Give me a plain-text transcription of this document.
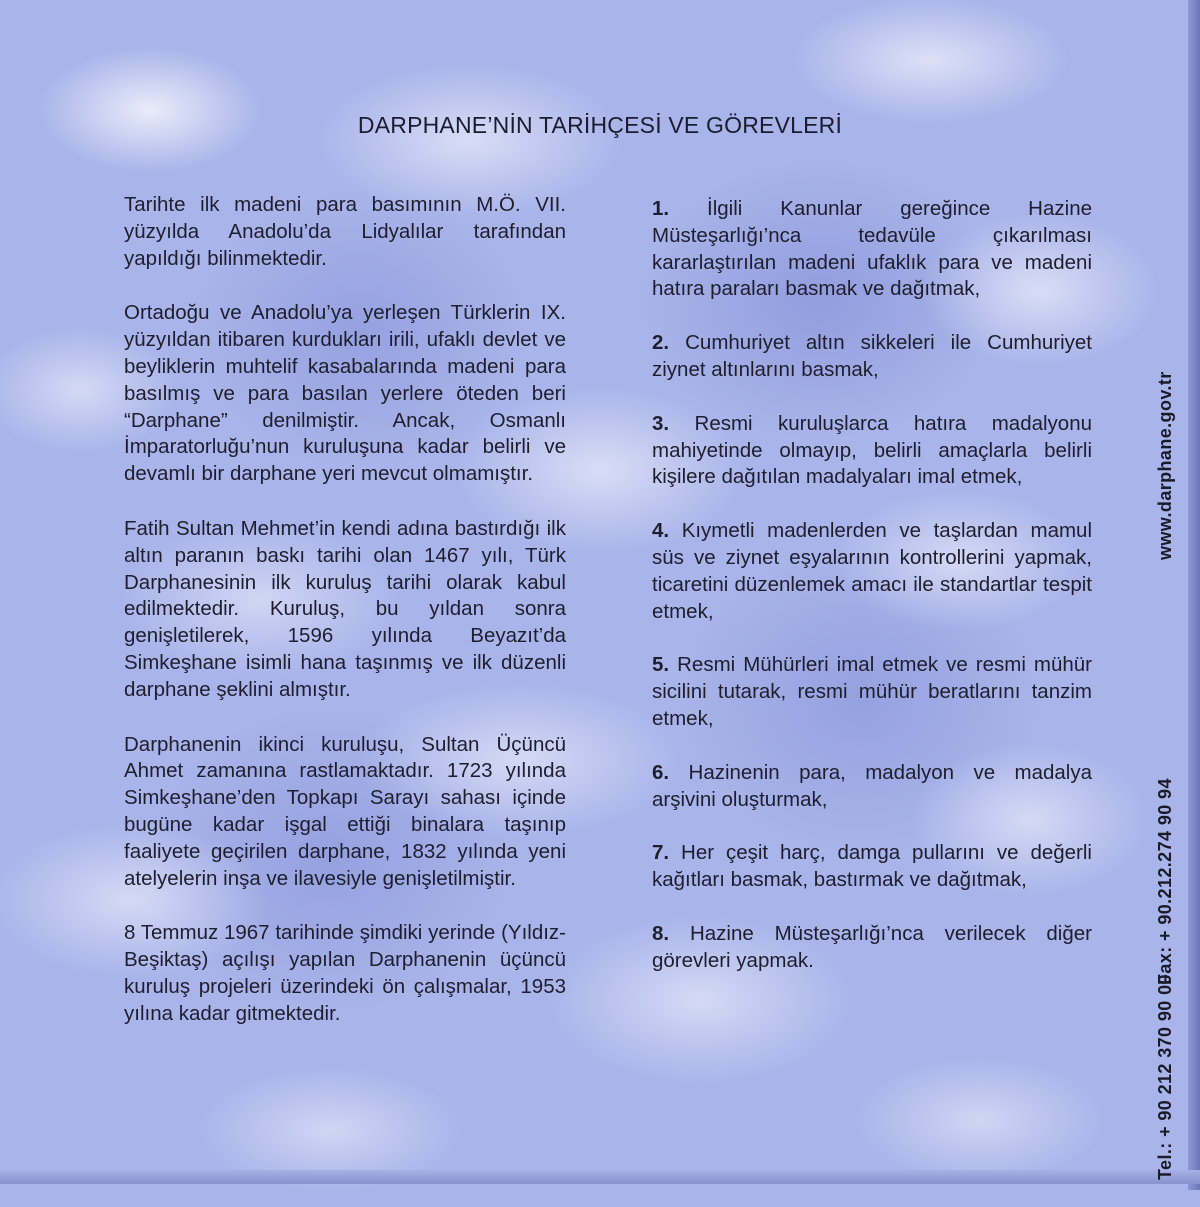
DARPHANE’NİN TARİHÇESİ VE GÖREVLERİ

Tarihte ilk madeni para basımının M.Ö. VII. yüzyılda Anadolu’da Lidyalılar tarafından yapıldığı bilinmektedir.

Ortadoğu ve Anadolu’ya yerleşen Türklerin IX. yüzyıldan itibaren kurdukları irili, ufaklı devlet ve beyliklerin muhtelif kasabalarında madeni para basılmış ve para basılan yerlere öteden beri “Darphane” denilmiştir. Ancak, Osmanlı İmparatorluğu’nun kuruluşuna kadar belirli ve devamlı bir darphane yeri mevcut olmamıştır.

Fatih Sultan Mehmet’in kendi adına bastırdığı ilk altın paranın baskı tarihi olan 1467 yılı, Türk Darphanesinin ilk kuruluş tarihi olarak kabul edilmektedir. Kuruluş, bu yıldan sonra genişletilerek, 1596 yılında Beyazıt’da Simkeşhane isimli hana taşınmış ve ilk düzenli darphane şeklini almıştır.

Darphanenin ikinci kuruluşu, Sultan Üçüncü Ahmet zamanına rastlamaktadır. 1723 yılında Simkeşhane’den Topkapı Sarayı sahası içinde bugüne kadar işgal ettiği binalara taşınıp faaliyete geçirilen darphane, 1832 yılında yeni atelyelerin inşa ve ilavesiyle genişletilmiştir.

8 Temmuz 1967 tarihinde şimdiki yerinde (Yıldız-Beşiktaş) açılışı yapılan Darphanenin üçüncü kuruluş projeleri üzerindeki ön çalışmalar, 1953 yılına kadar gitmektedir.

1. İlgili Kanunlar gereğince Hazine Müsteşarlığı’nca tedavüle çıkarılması kararlaştırılan madeni ufaklık para ve madeni hatıra paraları basmak ve dağıtmak,

2. Cumhuriyet altın sikkeleri ile Cumhuriyet ziynet altınlarını basmak,

3. Resmi kuruluşlarca hatıra madalyonu mahiyetinde olmayıp, belirli amaçlarla belirli kişilere dağıtılan madalyaları imal etmek,

4. Kıymetli madenlerden ve taşlardan mamul süs ve ziynet eşyalarının kontrollerini yapmak, ticaretini düzenlemek amacı ile standartlar tespit etmek,

5. Resmi Mühürleri imal etmek ve resmi mühür sicilini tutarak, resmi mühür beratlarını tanzim etmek,

6. Hazinenin para, madalyon ve madalya arşivini oluşturmak,

7. Her çeşit harç, damga pullarını ve değerli kağıtları basmak, bastırmak ve dağıtmak,

8. Hazine Müsteşarlığı’nca verilecek diğer görevleri yapmak.

Tel.: + 90 212 370 90 00
Fax: + 90.212.274 90 94
www.darphane.gov.tr
